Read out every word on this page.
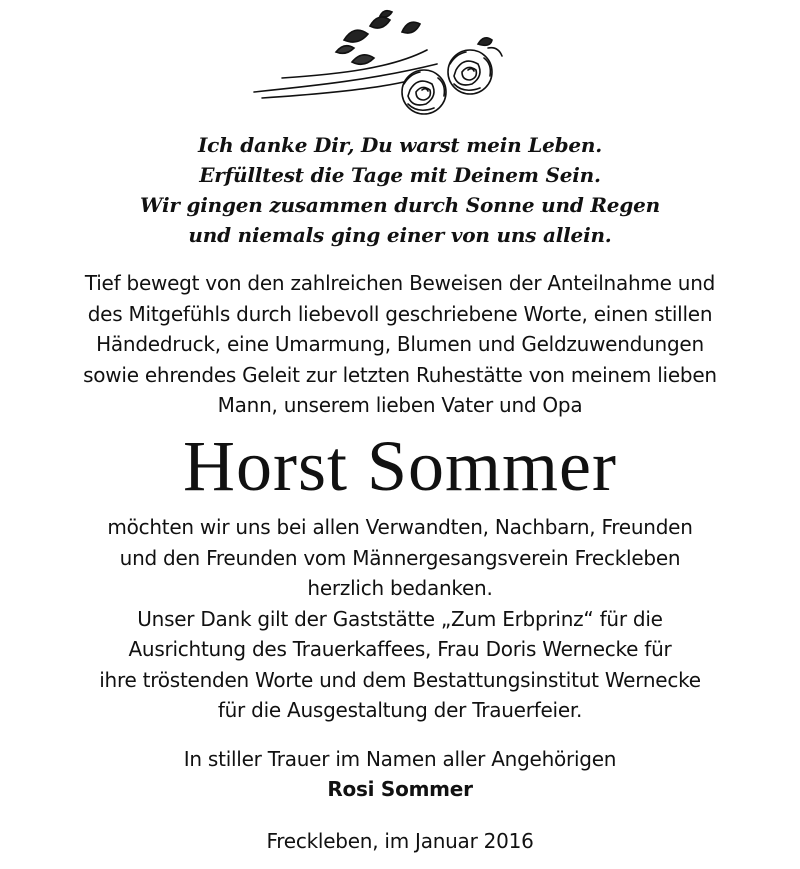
Ich danke Dir, Du warst mein Leben.
Erfülltest die Tage mit Deinem Sein.
Wir gingen zusammen durch Sonne und Regen
und niemals ging einer von uns allein.
Tief bewegt von den zahlreichen Beweisen der Anteilnahme und
des Mitgefühls durch liebevoll geschriebene Worte, einen stillen
Händedruck, eine Umarmung, Blumen und Geldzuwendungen
sowie ehrendes Geleit zur letzten Ruhestätte von meinem lieben
Mann, unserem lieben Vater und Opa
Horst Sommer
möchten wir uns bei allen Verwandten, Nachbarn, Freunden
und den Freunden vom Männergesangsverein Freckleben
herzlich bedanken.
Unser Dank gilt der Gaststätte „Zum Erbprinz“ für die
Ausrichtung des Trauerkaffees, Frau Doris Wernecke für
ihre tröstenden Worte und dem Bestattungsinstitut Wernecke
für die Ausgestaltung der Trauerfeier.
In stiller Trauer im Namen aller Angehörigen
Rosi Sommer
Freckleben, im Januar 2016
